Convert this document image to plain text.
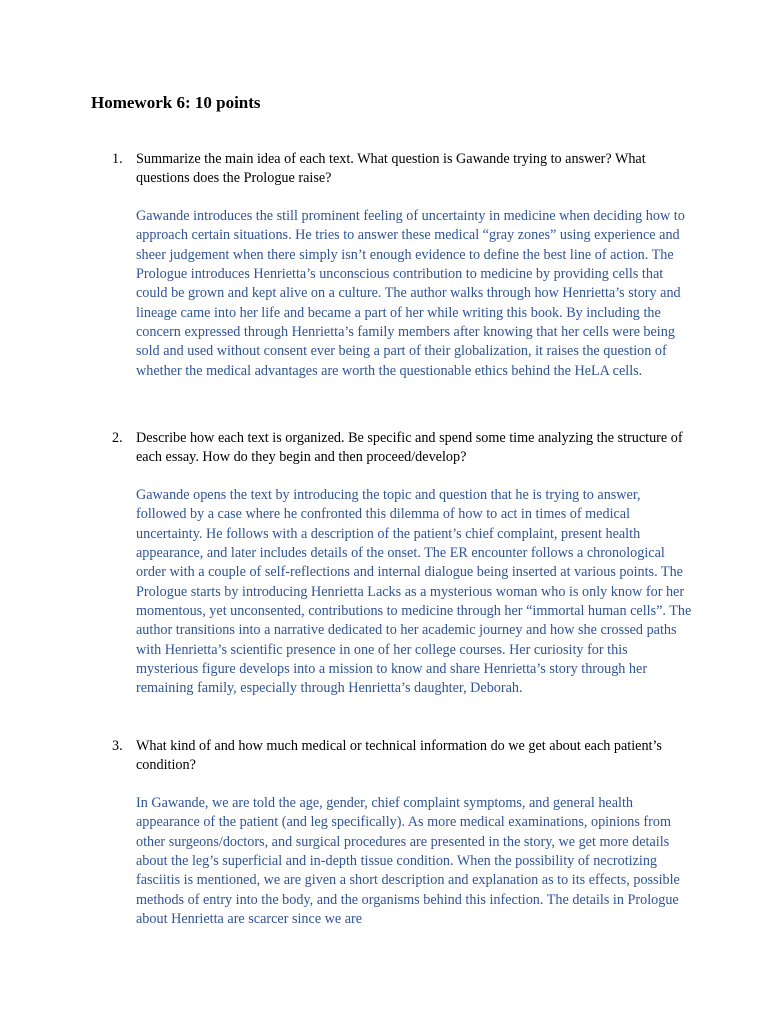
Homework 6: 10 points
1. Summarize the main idea of each text. What question is Gawande trying to answer? What questions does the Prologue raise?

Gawande introduces the still prominent feeling of uncertainty in medicine when deciding how to approach certain situations. He tries to answer these medical “gray zones” using experience and sheer judgement when there simply isn’t enough evidence to define the best line of action. The Prologue introduces Henrietta’s unconscious contribution to medicine by providing cells that could be grown and kept alive on a culture. The author walks through how Henrietta’s story and lineage came into her life and became a part of her while writing this book. By including the concern expressed through Henrietta’s family members after knowing that her cells were being sold and used without consent ever being a part of their globalization, it raises the question of whether the medical advantages are worth the questionable ethics behind the HeLA cells.

2. Describe how each text is organized. Be specific and spend some time analyzing the structure of each essay. How do they begin and then proceed/develop?

Gawande opens the text by introducing the topic and question that he is trying to answer, followed by a case where he confronted this dilemma of how to act in times of medical uncertainty. He follows with a description of the patient’s chief complaint, present health appearance, and later includes details of the onset. The ER encounter follows a chronological order with a couple of self-reflections and internal dialogue being inserted at various points. The Prologue starts by introducing Henrietta Lacks as a mysterious woman who is only know for her momentous, yet unconsented, contributions to medicine through her “immortal human cells”. The author transitions into a narrative dedicated to her academic journey and how she crossed paths with Henrietta’s scientific presence in one of her college courses. Her curiosity for this mysterious figure develops into a mission to know and share Henrietta’s story through her remaining family, especially through Henrietta’s daughter, Deborah.

3. What kind of and how much medical or technical information do we get about each patient’s condition?

In Gawande, we are told the age, gender, chief complaint symptoms, and general health appearance of the patient (and leg specifically). As more medical examinations, opinions from other surgeons/doctors, and surgical procedures are presented in the story, we get more details about the leg’s superficial and in-depth tissue condition. When the possibility of necrotizing fasciitis is mentioned, we are given a short description and explanation as to its effects, possible methods of entry into the body, and the organisms behind this infection. The details in Prologue about Henrietta are scarcer since we are
